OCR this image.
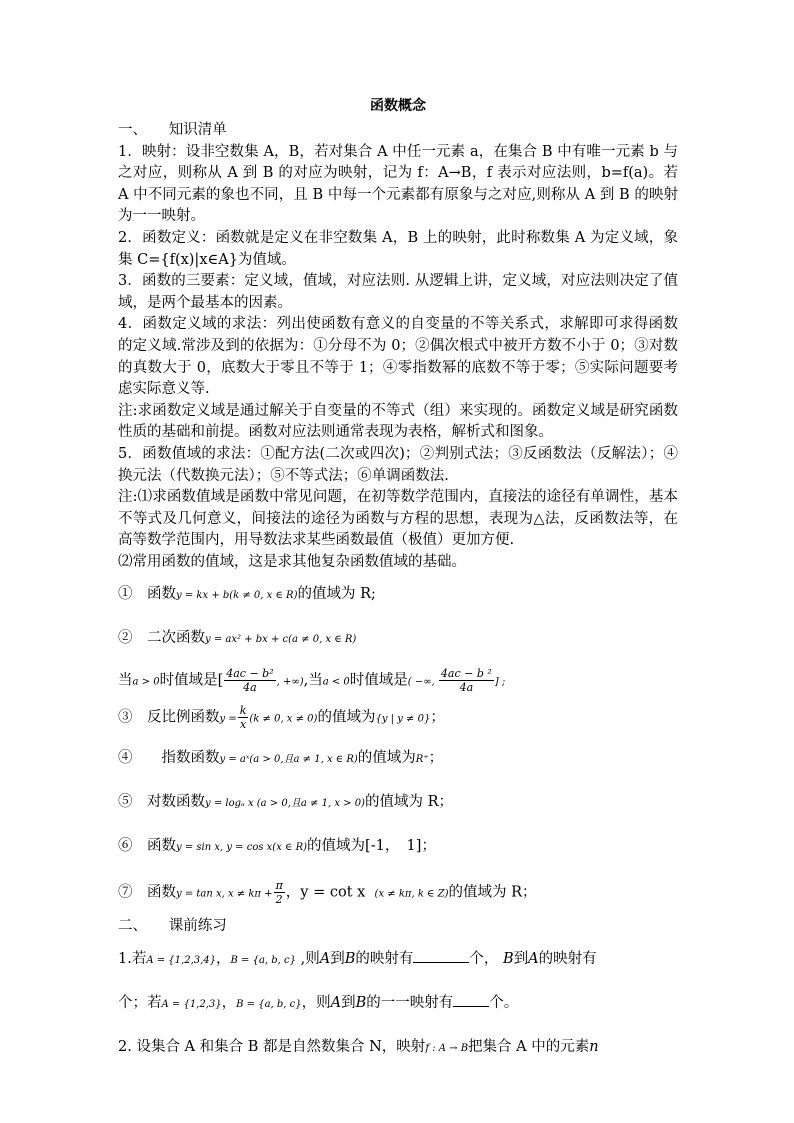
函数概念

一、　　知识清单

1．映射：设非空数集 A，B，若对集合 A 中任一元素 a，在集合 B 中有唯一元素 b 与之对应，则称从 A 到 B 的对应为映射，记为 f：A→B，f 表示对应法则，b=f(a)。若 A 中不同元素的象也不同，且 B 中每一个元素都有原象与之对应,则称从 A 到 B 的映射为一一映射。

2．函数定义：函数就是定义在非空数集 A，B 上的映射，此时称数集 A 为定义域，象集 C={f(x)|x∈A}为值域。

3．函数的三要素：定义域，值域，对应法则. 从逻辑上讲，定义域，对应法则决定了值域，是两个最基本的因素。

4．函数定义域的求法：列出使函数有意义的自变量的不等关系式，求解即可求得函数的定义域.常涉及到的依据为：①分母不为 0；②偶次根式中被开方数不小于 0；③对数的真数大于 0，底数大于零且不等于 1；④零指数幂的底数不等于零；⑤实际问题要考虑实际意义等.

注:求函数定义域是通过解关于自变量的不等式（组）来实现的。函数定义域是研究函数性质的基础和前提。函数对应法则通常表现为表格，解析式和图象。

5．函数值域的求法：①配方法(二次或四次)；②判别式法；③反函数法（反解法）；④换元法（代数换元法）；⑤不等式法；⑥单调函数法.

注:⑴求函数值域是函数中常见问题，在初等数学范围内，直接法的途径有单调性，基本不等式及几何意义，间接法的途径为函数与方程的思想，表现为△法，反函数法等，在高等数学范围内，用导数法求某些函数最值（极值）更加方便.

⑵常用函数的值域，这是求其他复杂函数值域的基础。

①　函数y = kx + b(k ≠ 0, x ∈ R)的值域为 R;

②　二次函数y = ax² + bx + c(a ≠ 0, x ∈ R)

当a > 0时值域是[ $\frac{\text{4ac − b²}}{4a}$ , +∞),当a < 0时值域是( −∞, $\frac{\text{4ac − b ²}}{4a}$ ] ;

③　反比例函数$y = \frac{k}{x} (k \ne 0$, x ≠ 0)的值域为{y | y ≠ 0}；

④　　指数函数y = aˣ(a > 0,且a ≠ 1, x ∈ R)的值域为R⁺；

⑤　对数函数y = logₐ x (a > 0,且a ≠ 1, x > 0)的值域为 R；

⑥　函数y = sin x, y = cos x(x ∈ R)的值域为[-1，　1]；

⑦　函数y = tan x, $x \ne k\pi + \frac{\pi}{2}$ ，y = cot x (x ≠ kπ, k ∈ Z)的值域为 R；

二、　　课前练习

1.若A = {1,2,3,4}，B = {a, b, c} ,则A到B的映射有	个， B到A的映射有

个；若A = {1,2,3}，B = {a, b, c}，则A到B的一一映射有 个。

2. 设集合 A 和集合 B 都是自然数集合 N，映射f : A → B把集合 A 中的元素n
